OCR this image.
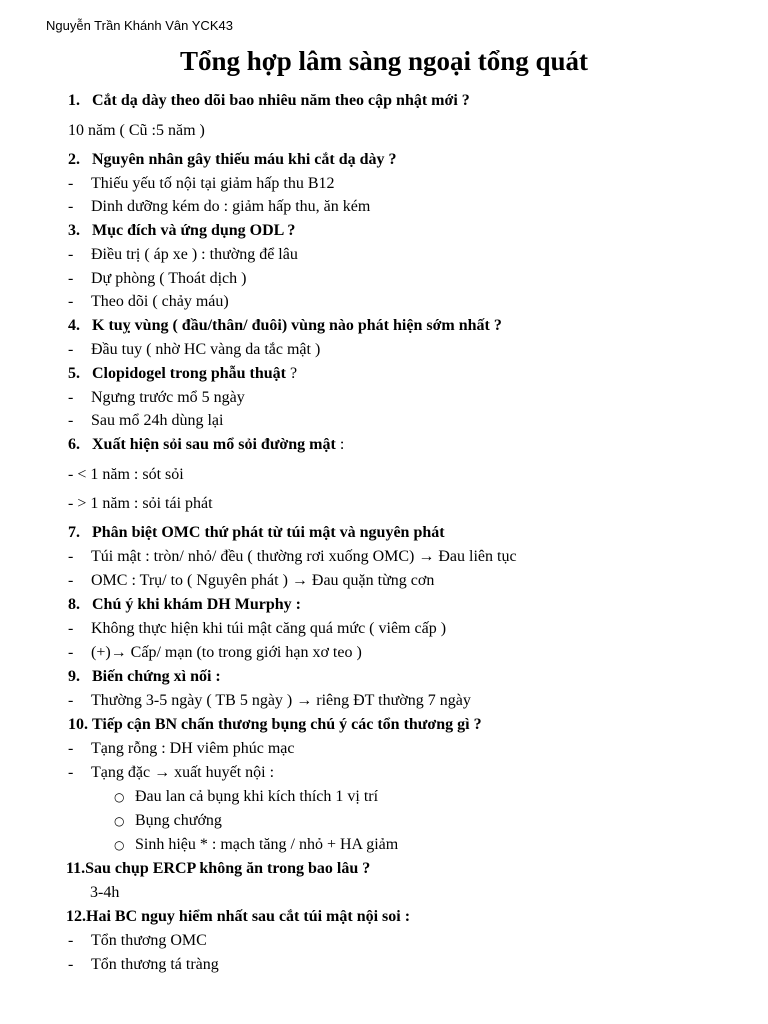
Nguyễn Trần Khánh Vân YCK43
Tổng hợp lâm sàng ngoại tổng quát
1. Cắt dạ dày theo dõi bao nhiêu năm theo cập nhật mới ?
10 năm ( Cũ :5 năm )
2. Nguyên nhân gây thiếu máu khi cắt dạ dày ?
- Thiếu yếu tố nội tại giảm hấp thu B12
- Dinh dưỡng kém do : giảm hấp thu, ăn kém
3. Mục đích và ứng dụng ODL ?
- Điều trị ( áp xe ) : thường để lâu
- Dự phòng ( Thoát dịch )
- Theo dõi ( chảy máu)
4. K tuỵ vùng ( đầu/thân/ đuôi) vùng nào phát hiện sớm nhất ?
- Đầu tuy ( nhờ HC vàng da tắc mật )
5. Clopidogel trong phẫu thuật ?
- Ngưng trước mổ 5 ngày
- Sau mổ 24h dùng lại
6. Xuất hiện sỏi sau mổ sỏi đường mật :
- < 1 năm : sót sỏi
- > 1 năm : sỏi tái phát
7. Phân biệt OMC thứ phát từ túi mật và nguyên phát
- Túi mật : tròn/ nhỏ/ đều ( thường rơi xuống OMC) → Đau liên tục
- OMC : Trụ/ to ( Nguyên phát ) → Đau quặn từng cơn
8. Chú ý khi khám DH Murphy :
- Không thực hiện khi túi mật căng quá mức ( viêm cấp )
- (+)→ Cấp/ mạn (to trong giới hạn xơ teo )
9. Biến chứng xì nối :
- Thường 3-5 ngày ( TB 5 ngày ) → riêng ĐT thường 7 ngày
10. Tiếp cận BN chấn thương bụng chú ý các tổn thương gì ?
- Tạng rỗng : DH viêm phúc mạc
- Tạng đặc → xuất huyết nội :
○ Đau lan cả bụng khi kích thích 1 vị trí
○ Bụng chướng
○ Sinh hiệu * : mạch tăng / nhỏ + HA giảm
11.Sau chụp ERCP không ăn trong bao lâu ?
3-4h
12.Hai BC nguy hiểm nhất sau cắt túi mật nội soi :
- Tổn thương OMC
- Tổn thương tá tràng
